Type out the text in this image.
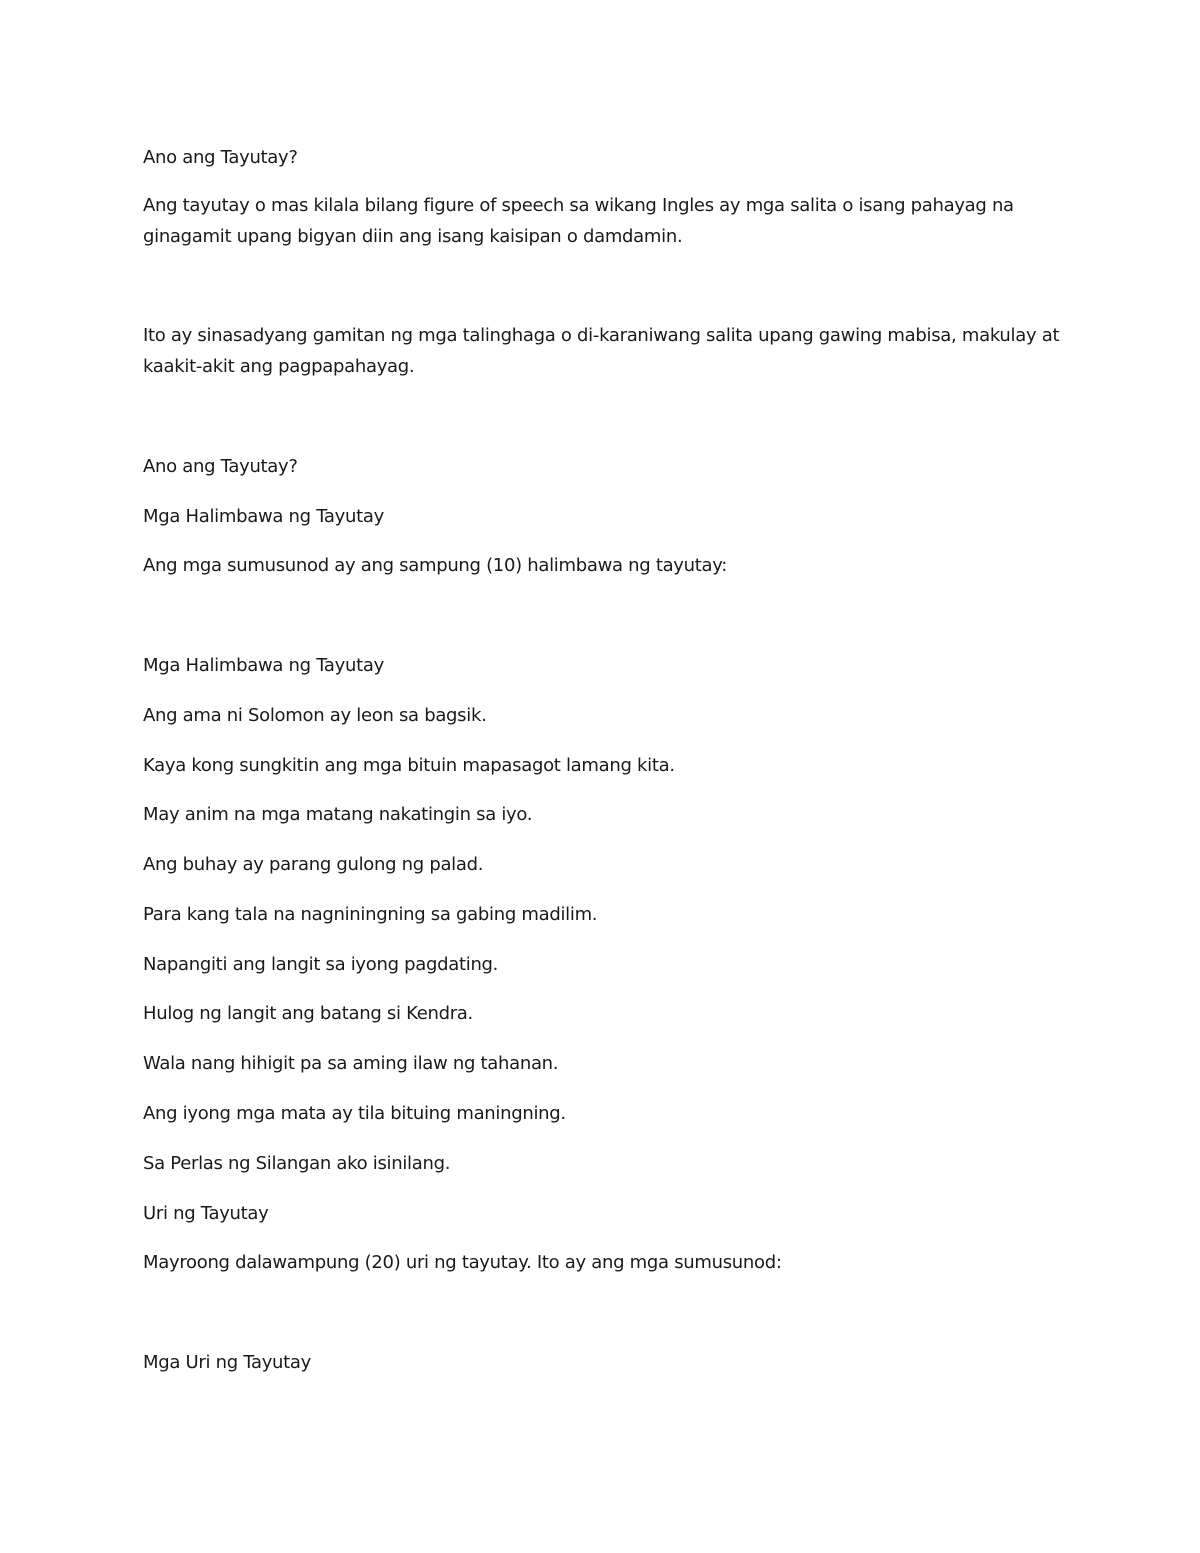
Ano ang Tayutay?

Ang tayutay o mas kilala bilang figure of speech sa wikang Ingles ay mga salita o isang pahayag na ginagamit upang bigyan diin ang isang kaisipan o damdamin.

Ito ay sinasadyang gamitan ng mga talinghaga o di-karaniwang salita upang gawing mabisa, makulay at kaakit-akit ang pagpapahayag.

Ano ang Tayutay?

Mga Halimbawa ng Tayutay

Ang mga sumusunod ay ang sampung (10) halimbawa ng tayutay:

Mga Halimbawa ng Tayutay

Ang ama ni Solomon ay leon sa bagsik.

Kaya kong sungkitin ang mga bituin mapasagot lamang kita.

May anim na mga matang nakatingin sa iyo.

Ang buhay ay parang gulong ng palad.

Para kang tala na nagniningning sa gabing madilim.

Napangiti ang langit sa iyong pagdating.

Hulog ng langit ang batang si Kendra.

Wala nang hihigit pa sa aming ilaw ng tahanan.

Ang iyong mga mata ay tila bituing maningning.

Sa Perlas ng Silangan ako isinilang.

Uri ng Tayutay

Mayroong dalawampung (20) uri ng tayutay. Ito ay ang mga sumusunod:

Mga Uri ng Tayutay
